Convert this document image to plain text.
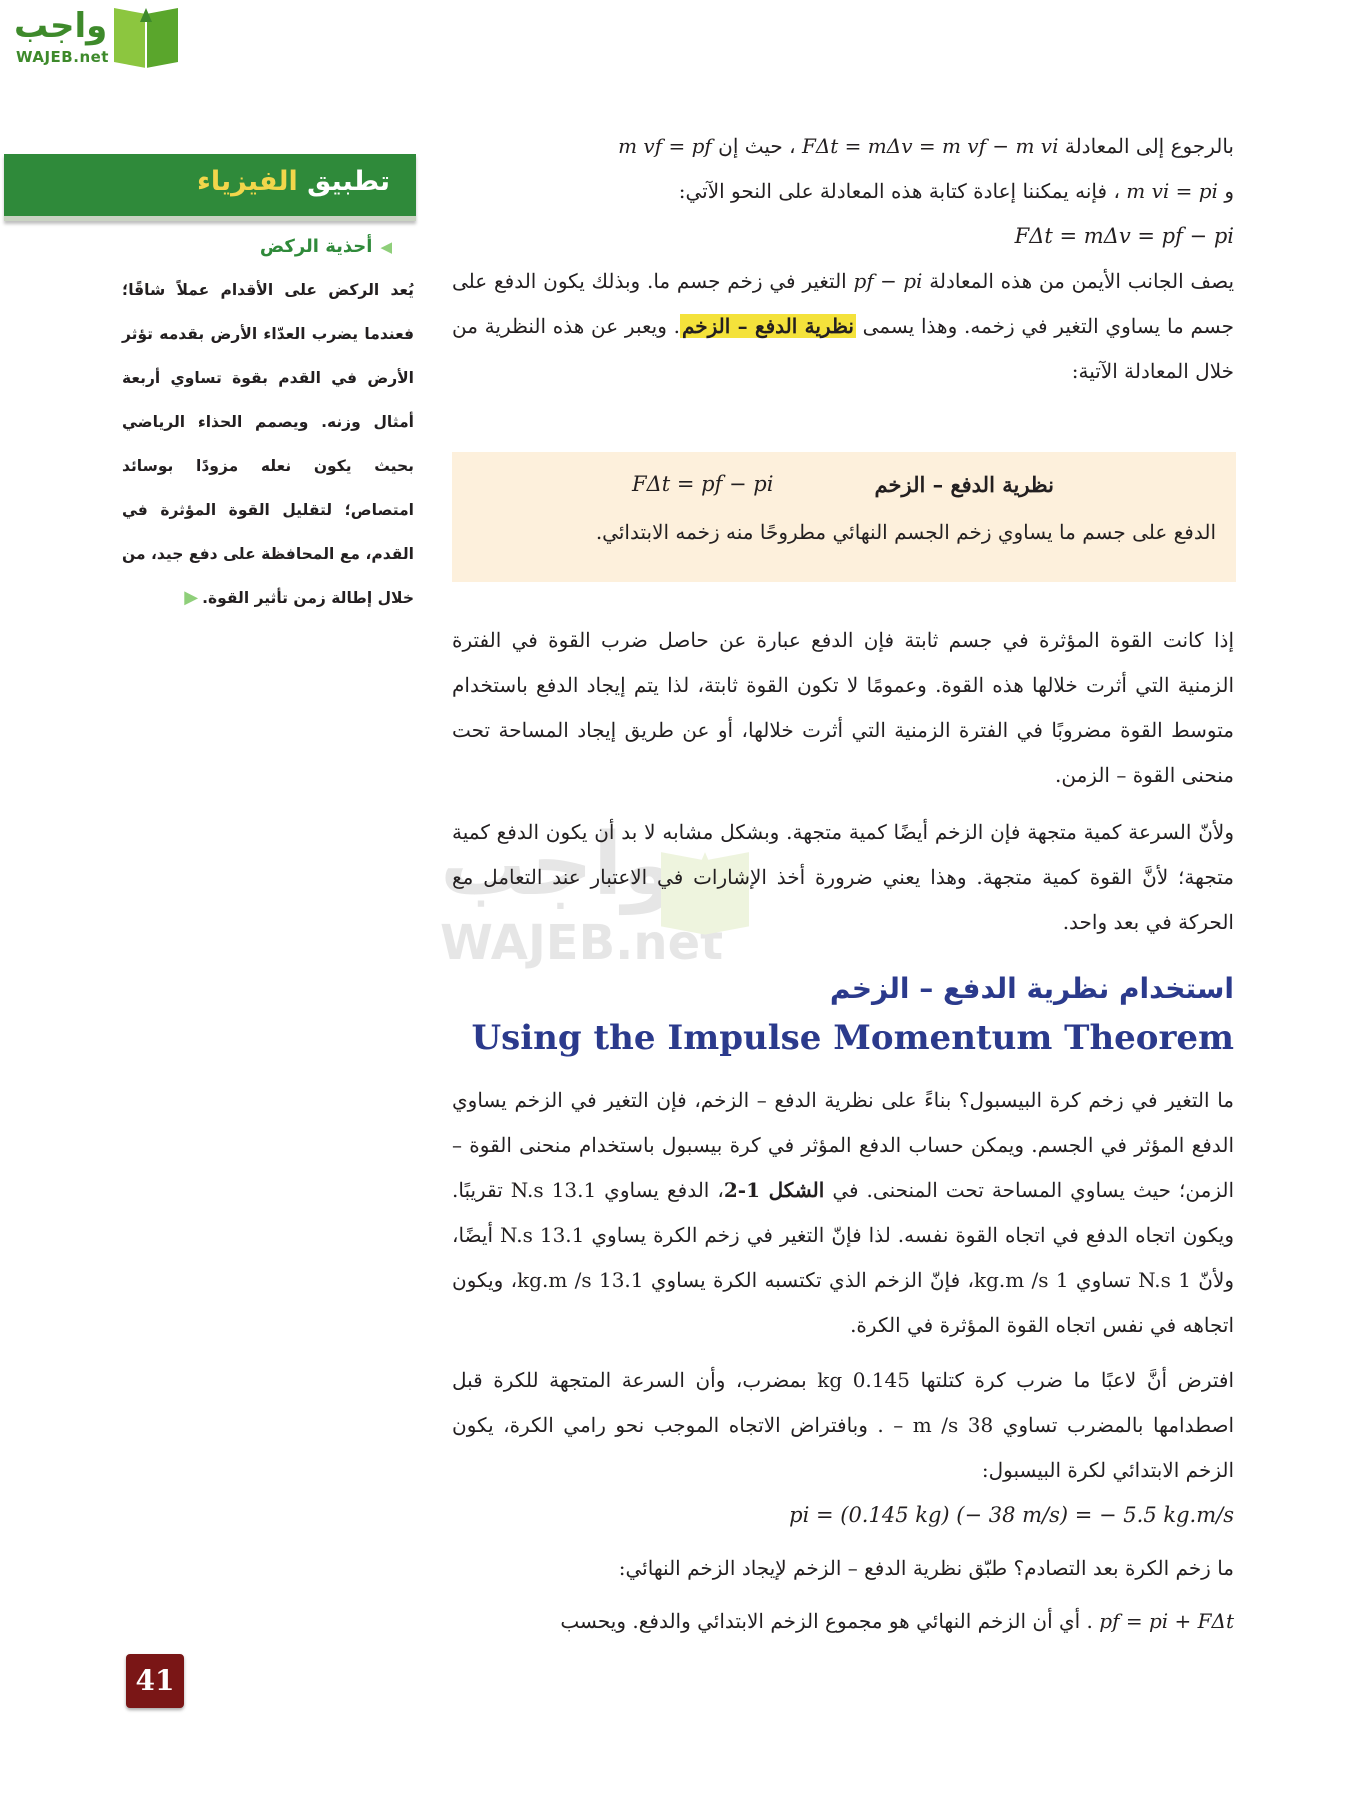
واجب
WAJEB.net
واجب
WAJEB.net
تطبيق الفيزياء
◀أحذية الركض
يُعد الركض على الأقدام عملاً شاقًا؛ فعندما يضرب العدّاء الأرض بقدمه تؤثر الأرض في القدم بقوة تساوي أربعة أمثال وزنه. ويصمم الحذاء الرياضي بحيث يكون نعله مزودًا بوسائد امتصاص؛ لتقليل القوة المؤثرة في القدم، مع المحافظة على دفع جيد، من خلال إطالة زمن تأثير القوة.▶
بالرجوع إلى المعادلة FΔt = mΔv = m vf − m vi ، حيث إن m vf = pf
و m vi = pi ، فإنه يمكننا إعادة كتابة هذه المعادلة على النحو الآتي:
FΔt = mΔv = pf − pi
يصف الجانب الأيمن من هذه المعادلة pf − pi التغير في زخم جسم ما. وبذلك يكون الدفع على جسم ما يساوي التغير في زخمه. وهذا يسمى نظرية الدفع – الزخم. ويعبر عن هذه النظرية من خلال المعادلة الآتية:
نظرية الدفع – الزخم
FΔt = pf − pi
الدفع على جسم ما يساوي زخم الجسم النهائي مطروحًا منه زخمه الابتدائي.
إذا كانت القوة المؤثرة في جسم ثابتة فإن الدفع عبارة عن حاصل ضرب القوة في الفترة الزمنية التي أثرت خلالها هذه القوة. وعمومًا لا تكون القوة ثابتة، لذا يتم إيجاد الدفع باستخدام متوسط القوة مضروبًا في الفترة الزمنية التي أثرت خلالها، أو عن طريق إيجاد المساحة تحت منحنى القوة – الزمن.
ولأنّ السرعة كمية متجهة فإن الزخم أيضًا كمية متجهة. وبشكل مشابه لا بد أن يكون الدفع كمية متجهة؛ لأنَّ القوة كمية متجهة. وهذا يعني ضرورة أخذ الإشارات في الاعتبار عند التعامل مع الحركة في بعد واحد.
استخدام نظرية الدفع – الزخم
Using the Impulse Momentum Theorem
ما التغير في زخم كرة البيسبول؟ بناءً على نظرية الدفع – الزخم، فإن التغير في الزخم يساوي الدفع المؤثر في الجسم. ويمكن حساب الدفع المؤثر في كرة بيسبول باستخدام منحنى القوة – الزمن؛ حيث يساوي المساحة تحت المنحنى. في الشكل 1-2، الدفع يساوي 13.1 N.s تقريبًا. ويكون اتجاه الدفع في اتجاه القوة نفسه. لذا فإنّ التغير في زخم الكرة يساوي 13.1 N.s أيضًا، ولأنّ 1 N.s تساوي 1 kg.m /s، فإنّ الزخم الذي تكتسبه الكرة يساوي 13.1 kg.m /s، ويكون اتجاهه في نفس اتجاه القوة المؤثرة في الكرة.
افترض أنَّ لاعبًا ما ضرب كرة كتلتها 0.145 kg بمضرب، وأن السرعة المتجهة للكرة قبل اصطدامها بالمضرب تساوي 38 m /s – . وبافتراض الاتجاه الموجب نحو رامي الكرة، يكون الزخم الابتدائي لكرة البيسبول:
pi = (0.145 kg) (− 38 m/s) = − 5.5 kg.m/s
ما زخم الكرة بعد التصادم؟ طبّق نظرية الدفع – الزخم لإيجاد الزخم النهائي:
pf = pi + FΔt . أي أن الزخم النهائي هو مجموع الزخم الابتدائي والدفع. ويحسب
41
